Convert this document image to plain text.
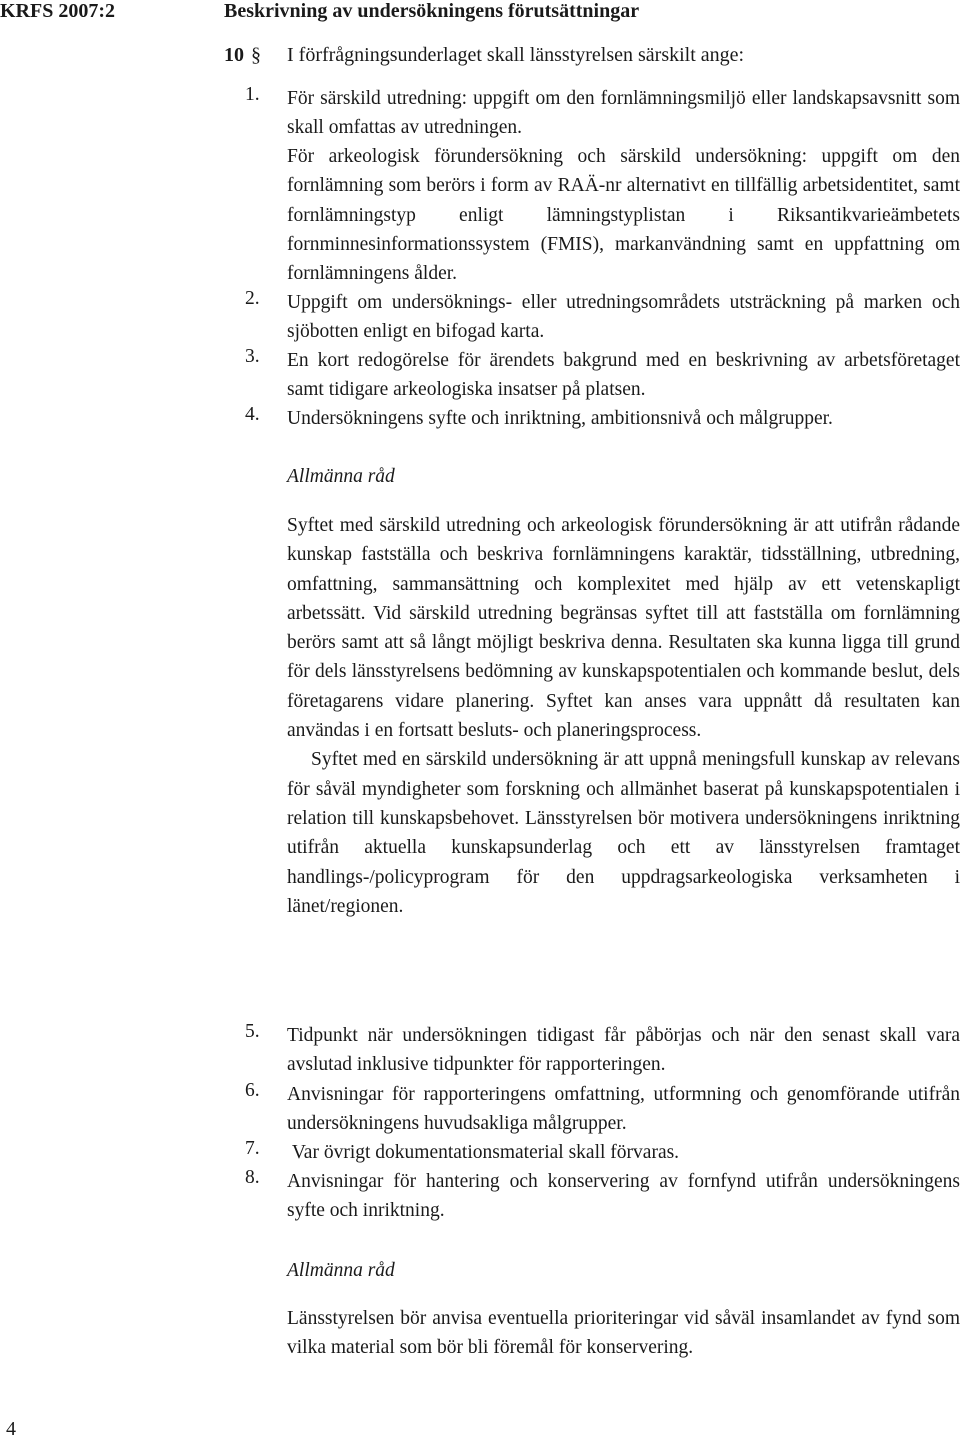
KRFS 2007:2	Beskrivning av undersökningens förutsättningar
10 § I förfrågningsunderlaget skall länsstyrelsen särskilt ange:
1. För särskild utredning: uppgift om den fornlämningsmiljö eller landskapsavsnitt som skall omfattas av utredningen.
För arkeologisk förundersökning och särskild undersökning: uppgift om den fornlämning som berörs i form av RAÄ-nr alternativt en tillfällig arbetsidentitet, samt fornlämningstyp enligt lämningstyplistan i Riksantikvarieämbetets fornminnesinformationssystem (FMIS), markanvändning samt en uppfattning om fornlämningens ålder.
2. Uppgift om undersöknings- eller utredningsområdets utsträckning på marken och sjöbotten enligt en bifogad karta.
3. En kort redogörelse för ärendets bakgrund med en beskrivning av arbetsföretaget samt tidigare arkeologiska insatser på platsen.
4. Undersökningens syfte och inriktning, ambitionsnivå och målgrupper.
Allmänna råd

Syftet med särskild utredning och arkeologisk förundersökning är att utifrån rådande kunskap fastställa och beskriva fornlämningens karaktär, tidsställning, utbredning, omfattning, sammansättning och komplexitet med hjälp av ett vetenskapligt arbetssätt. Vid särskild utredning begränsas syftet till att fastställa om fornlämning berörs samt att så långt möjligt beskriva denna. Resultaten ska kunna ligga till grund för dels länsstyrelsens bedömning av kunskapspotentialen och kommande beslut, dels företagarens vidare planering. Syftet kan anses vara uppnått då resultaten kan användas i en fortsatt besluts- och planeringsprocess.

Syftet med en särskild undersökning är att uppnå meningsfull kunskap av relevans för såväl myndigheter som forskning och allmänhet baserat på kunskapspotentialen i relation till kunskapsbehovet. Länsstyrelsen bör motivera undersökningens inriktning utifrån aktuella kunskapsunderlag och ett av länsstyrelsen framtaget handlings-/policyprogram för den uppdragsarkeologiska verksamheten i länet/regionen.

5. Tidpunkt när undersökningen tidigast får påbörjas och när den senast skall vara avslutad inklusive tidpunkter för rapporteringen.
6. Anvisningar för rapporteringens omfattning, utformning och genomförande utifrån undersökningens huvudsakliga målgrupper.
7. Var övrigt dokumentationsmaterial skall förvaras.
8. Anvisningar för hantering och konservering av fornfynd utifrån undersökningens syfte och inriktning.
Allmänna råd

Länsstyrelsen bör anvisa eventuella prioriteringar vid såväl insamlandet av fynd som vilka material som bör bli föremål för konservering.

4
